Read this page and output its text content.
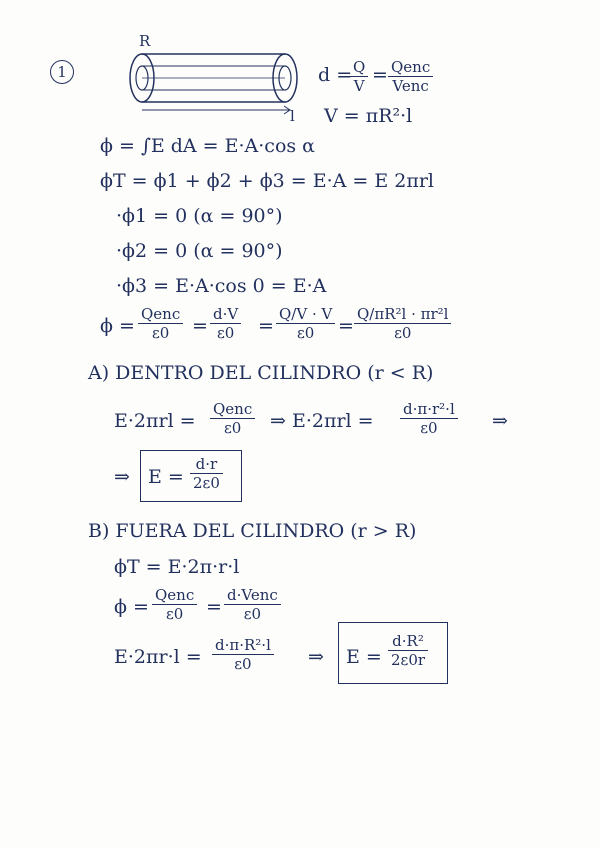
1
R
l
d =
$\frac{Q}{V}$ = Qenc
Venc
V = πR²·l
ϕ = ∫E dA = E·A·cos α
ϕT = ϕ1 + ϕ2 + ϕ3 = E·A = E 2πrl
·ϕ1 = 0 (α = 90°)
·ϕ2 = 0 (α = 90°)
·ϕ3 = E·A·cos 0 = E·A
ϕ =
Qenc
ε0	= $\frac{d\cdot V}{\varepsilon 0} = \frac{Q/V \cdot V}{\varepsilon 0} = \frac{\text{Q/πR²l · πr²l}}{\varepsilon 0}$
A) DENTRO DEL CILINDRO (r < R)
E·2πrl =
Qenc
ε0	⇒ $E\cdot 2\pi rl = \frac{\text{d·π·r²·l}}{\varepsilon 0}$ ⇒
⇒ $E = \frac{d\cdot r}{2\varepsilon 0}$
B) FUERA DEL CILINDRO (r > R)
ϕT = E·2π·r·l
ϕ =
Qenc
ε0	=
d·Venc
ε0
$E\cdot 2\pi r\cdot l = \frac{\text{d·π·R²·l}}{\varepsilon 0}$ ⇒ $E = \frac{\text{d·R²}}{2\varepsilon 0r}$
